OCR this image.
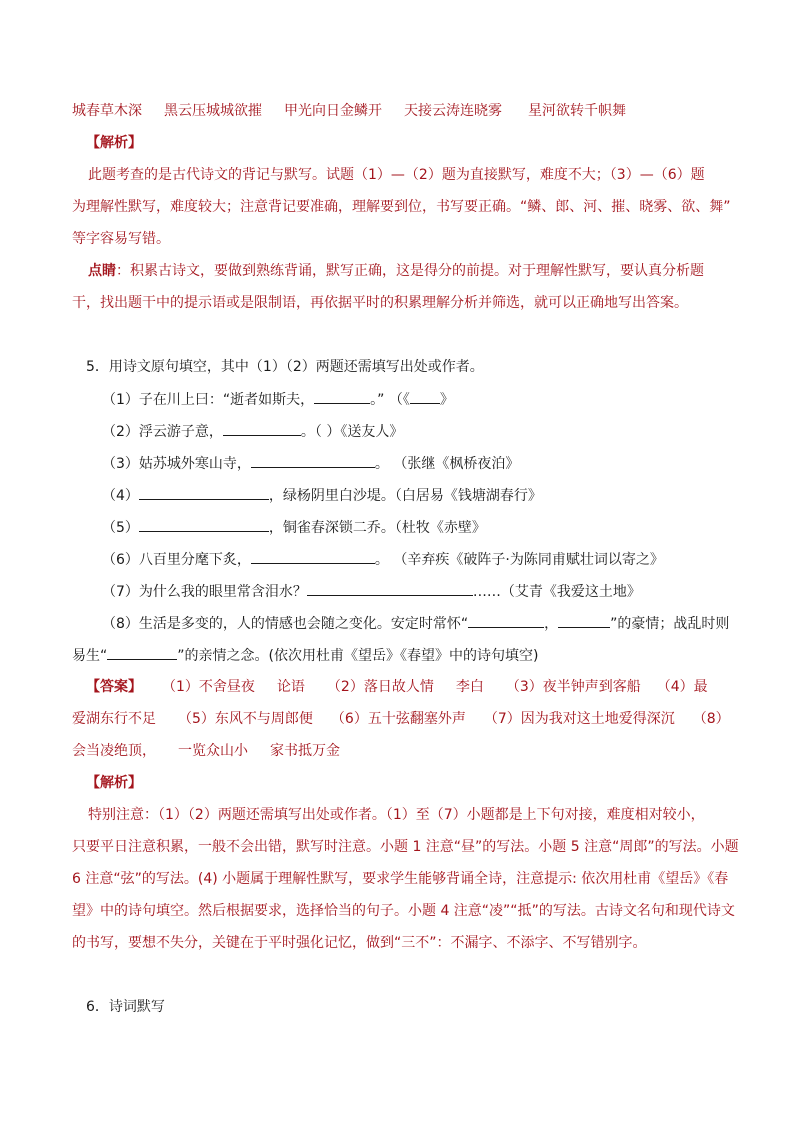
城春草木深 黑云压城城欲摧 甲光向日金鳞开 天接云涛连晓雾 星河欲转千帜舞
【解析】
此题考查的是古代诗文的背记与默写。试题（1）—（2）题为直接默写，难度不大；（3）—（6）题
为理解性默写，难度较大；注意背记要准确，理解要到位，书写要正确。“鳞、郎、河、摧、晓雾、欲、舞”
等字容易写错。
点睛：积累古诗文，要做到熟练背诵，默写正确，这是得分的前提。对于理解性默写，要认真分析题
干，找出题干中的提示语或是限制语，再依据平时的积累理解分析并筛选，就可以正确地写出答案。
5．用诗文原句填空，其中（1）（2）两题还需填写出处或作者。
（1）子在川上曰：“逝者如斯夫，	。” （《 》
（2）浮云游子意，	。（ ）《送友人》
（3）姑苏城外寒山寺，	。 （张继《枫桥夜泊》
（4）	，绿杨阴里白沙堤。（白居易《钱塘湖春行》
（5）	，铜雀春深锁二乔。（杜牧《赤壁》
（6）八百里分麾下炙，	。 （辛弃疾《破阵子·为陈同甫赋壮词以寄之》
（7）为什么我的眼里常含泪水？	……（艾青《我爱这土地》
（8）生活是多变的，人的情感也会随之变化。安定时常怀“	，	”的豪情；战乱时则
易生“	”的亲情之念。(依次用杜甫《望岳》《春望》中的诗句填空)
【答案】 （1）不舍昼夜 论语 （2）落日故人情 李白 （3）夜半钟声到客船 （4）最
爱湖东行不足 （5）东风不与周郎便 （6）五十弦翻塞外声 （7）因为我对这土地爱得深沉 （8）
会当凌绝顶， 一览众山小 家书抵万金
【解析】
特别注意：（1）（2）两题还需填写出处或作者。（1）至（7）小题都是上下句对接，难度相对较小，
只要平日注意积累，一般不会出错，默写时注意。小题 1 注意“昼”的写法。小题 5 注意“周郎”的写法。小题
6 注意“弦”的写法。(4) 小题属于理解性默写，要求学生能够背诵全诗，注意提示: 依次用杜甫《望岳》《春
望》中的诗句填空。然后根据要求，选择恰当的句子。小题 4 注意“凌”“抵”的写法。古诗文名句和现代诗文
的书写，要想不失分，关键在于平时强化记忆，做到“三不”：不漏字、不添字、不写错别字。
6．诗词默写
